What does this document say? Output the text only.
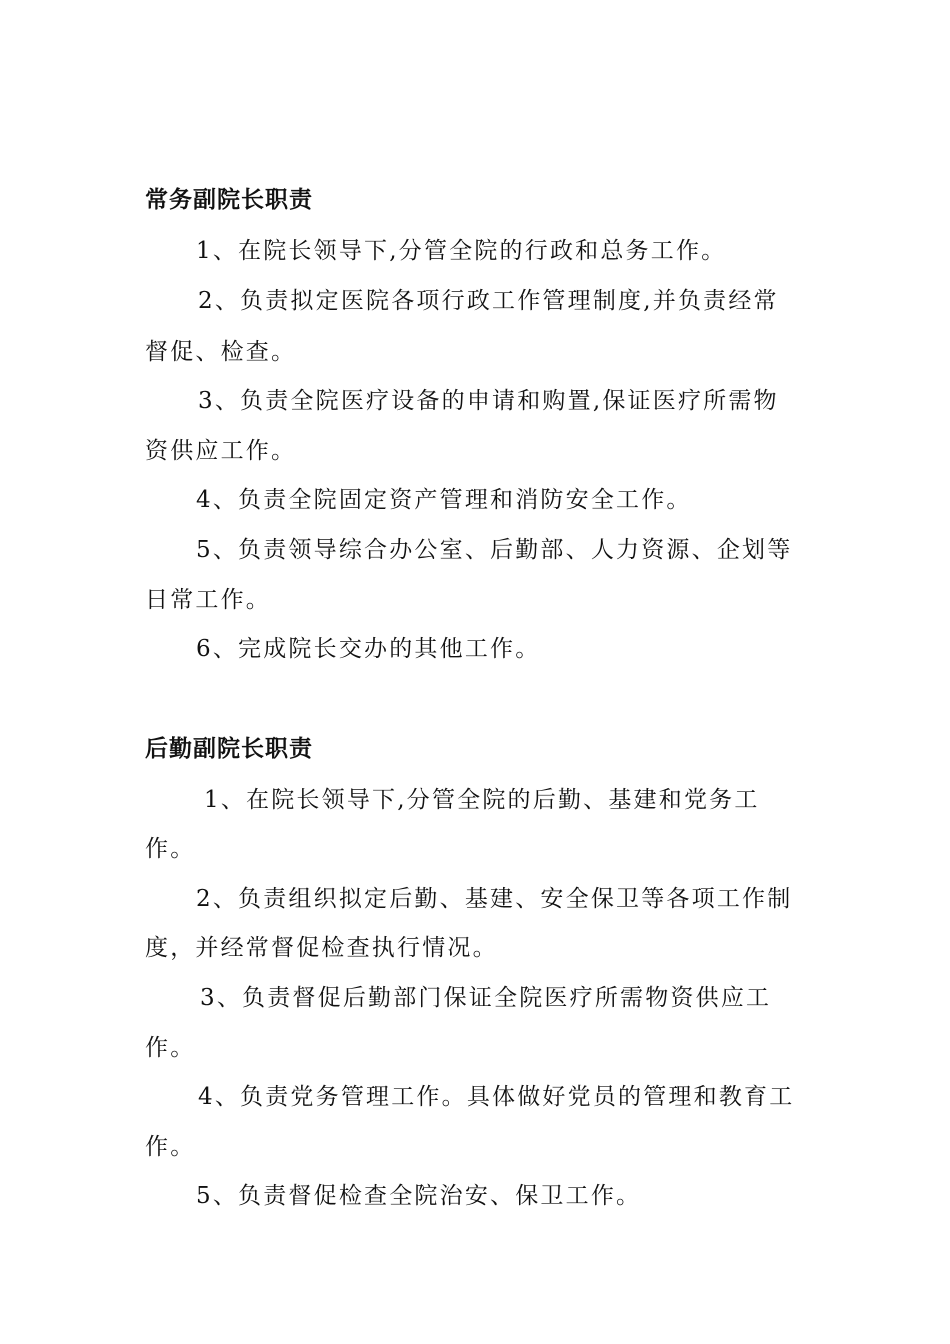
常务副院长职责
1、在院长领导下,分管全院的行政和总务工作。
2、负责拟定医院各项行政工作管理制度,并负责经常
督促、检查。
3、负责全院医疗设备的申请和购置,保证医疗所需物
资供应工作。
4、负责全院固定资产管理和消防安全工作。
5、负责领导综合办公室、后勤部、人力资源、企划等
日常工作。
6、完成院长交办的其他工作。
后勤副院长职责
1、在院长领导下,分管全院的后勤、基建和党务工
作。
2、负责组织拟定后勤、基建、安全保卫等各项工作制
度，并经常督促检查执行情况。
3、负责督促后勤部门保证全院医疗所需物资供应工
作。
4、负责党务管理工作。具体做好党员的管理和教育工
作。
5、负责督促检查全院治安、保卫工作。
